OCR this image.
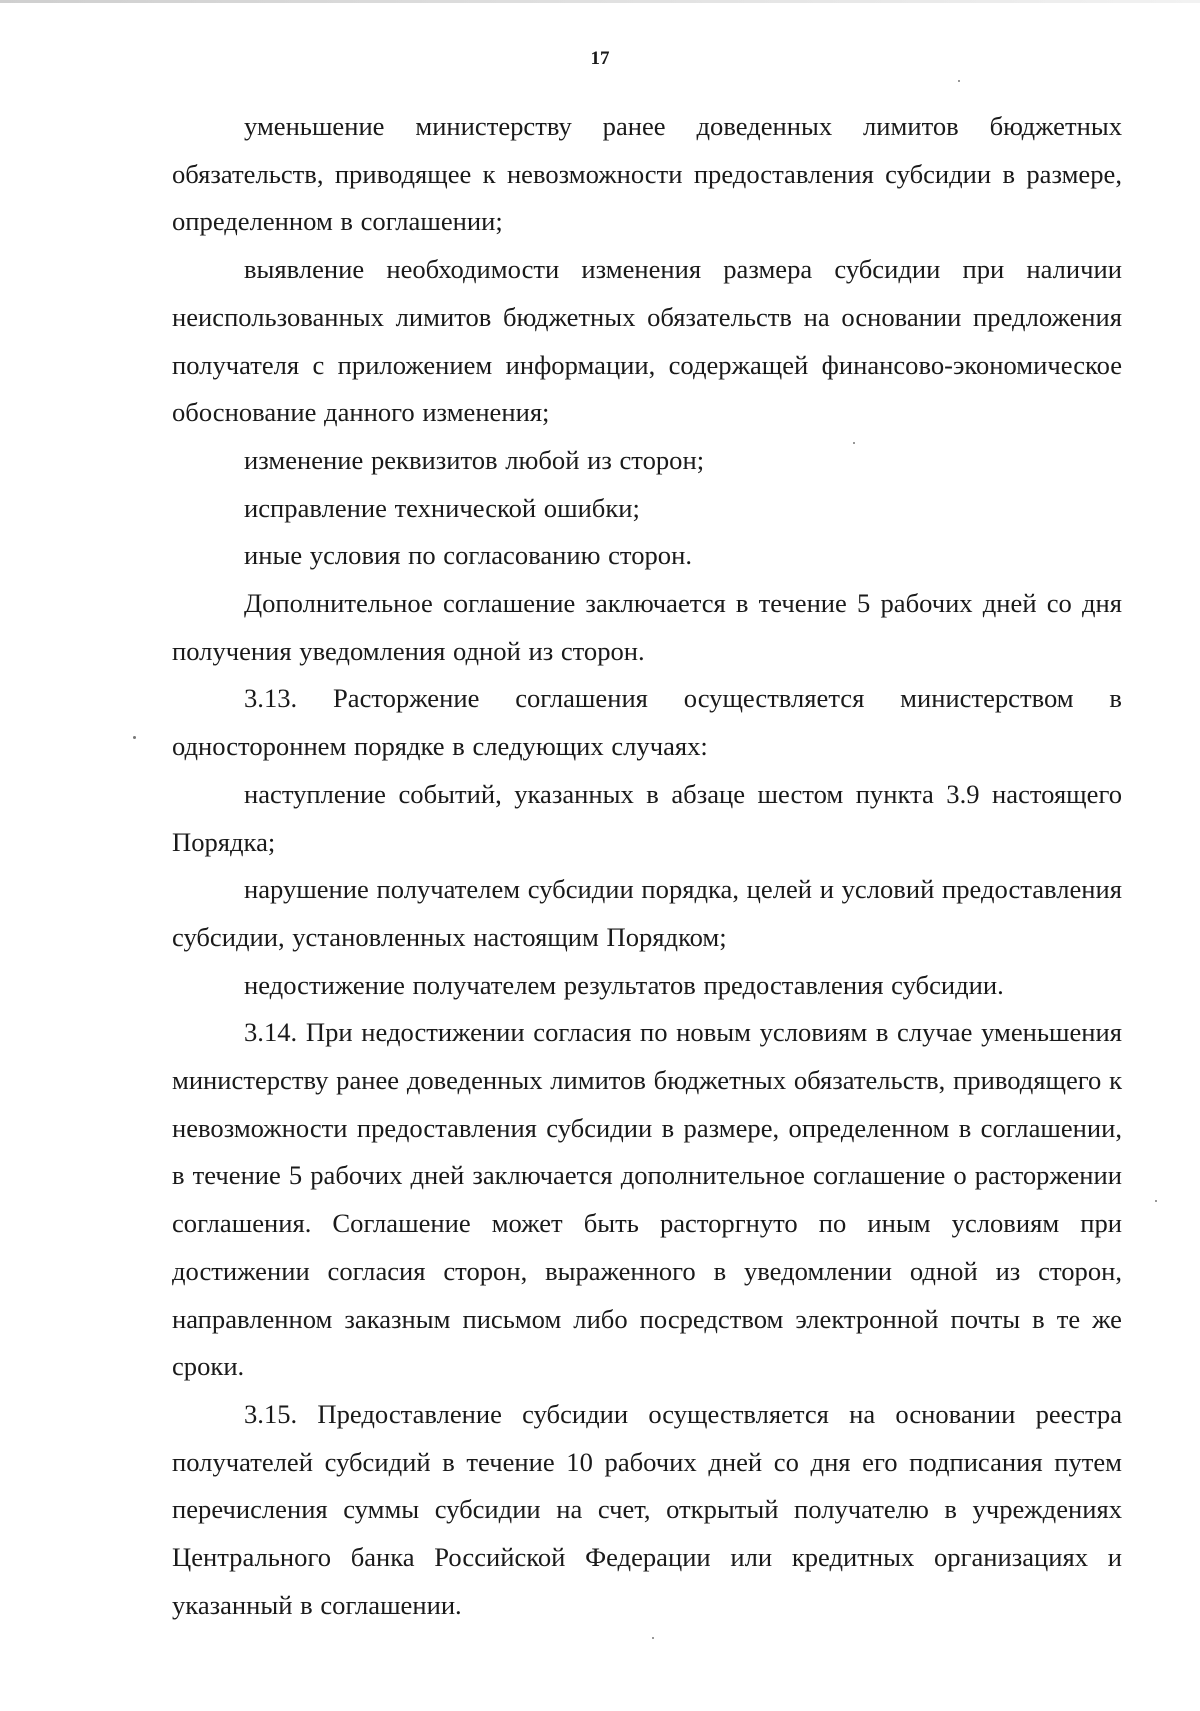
17

уменьшение министерству ранее доведенных лимитов бюджетных обязательств, приводящее к невозможности предоставления субсидии в размере, определенном в соглашении;

выявление необходимости изменения размера субсидии при наличии неиспользованных лимитов бюджетных обязательств на основании предложения получателя с приложением информации, содержащей финансово-экономическое обоснование данного изменения;

изменение реквизитов любой из сторон;

исправление технической ошибки;

иные условия по согласованию сторон.

Дополнительное соглашение заключается в течение 5 рабочих дней со дня получения уведомления одной из сторон.

3.13. Расторжение соглашения осуществляется министерством в одностороннем порядке в следующих случаях:

наступление событий, указанных в абзаце шестом пункта 3.9 настоящего Порядка;

нарушение получателем субсидии порядка, целей и условий предоставления субсидии, установленных настоящим Порядком;

недостижение получателем результатов предоставления субсидии.

3.14. При недостижении согласия по новым условиям в случае уменьшения министерству ранее доведенных лимитов бюджетных обязательств, приводящего к невозможности предоставления субсидии в размере, определенном в соглашении, в течение 5 рабочих дней заключается дополнительное соглашение о расторжении соглашения. Соглашение может быть расторгнуто по иным условиям при достижении согласия сторон, выраженного в уведомлении одной из сторон, направленном заказным письмом либо посредством электронной почты в те же сроки.

3.15. Предоставление субсидии осуществляется на основании реестра получателей субсидий в течение 10 рабочих дней со дня его подписания путем перечисления суммы субсидии на счет, открытый получателю в учреждениях Центрального банка Российской Федерации или кредитных организациях и указанный в соглашении.
